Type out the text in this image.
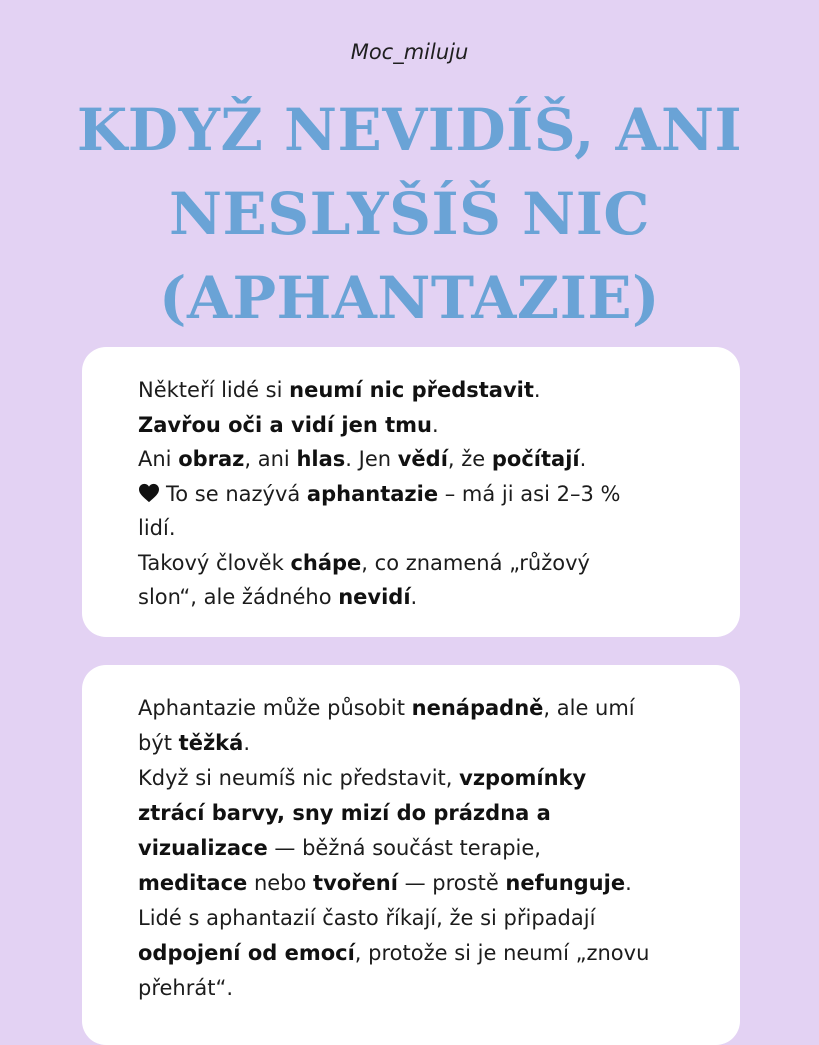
Moc_miluju
KDYŽ NEVIDÍŠ, ANI
NESLYŠÍŠ NIC
(APHANTAZIE)
Někteří lidé si neumí nic představit.
Zavřou oči a vidí jen tmu.
Ani obraz, ani hlas. Jen vědí, že počítají.
To se nazývá aphantazie – má ji asi 2–3 %
lidí.
Takový člověk chápe, co znamená „růžový
slon“, ale žádného nevidí.
Aphantazie může působit nenápadně, ale umí
být těžká.
Když si neumíš nic představit, vzpomínky
ztrácí barvy, sny mizí do prázdna a
vizualizace — běžná součást terapie,
meditace nebo tvoření — prostě nefunguje.
Lidé s aphantazií často říkají, že si připadají
odpojení od emocí, protože si je neumí „znovu
přehrát“.
